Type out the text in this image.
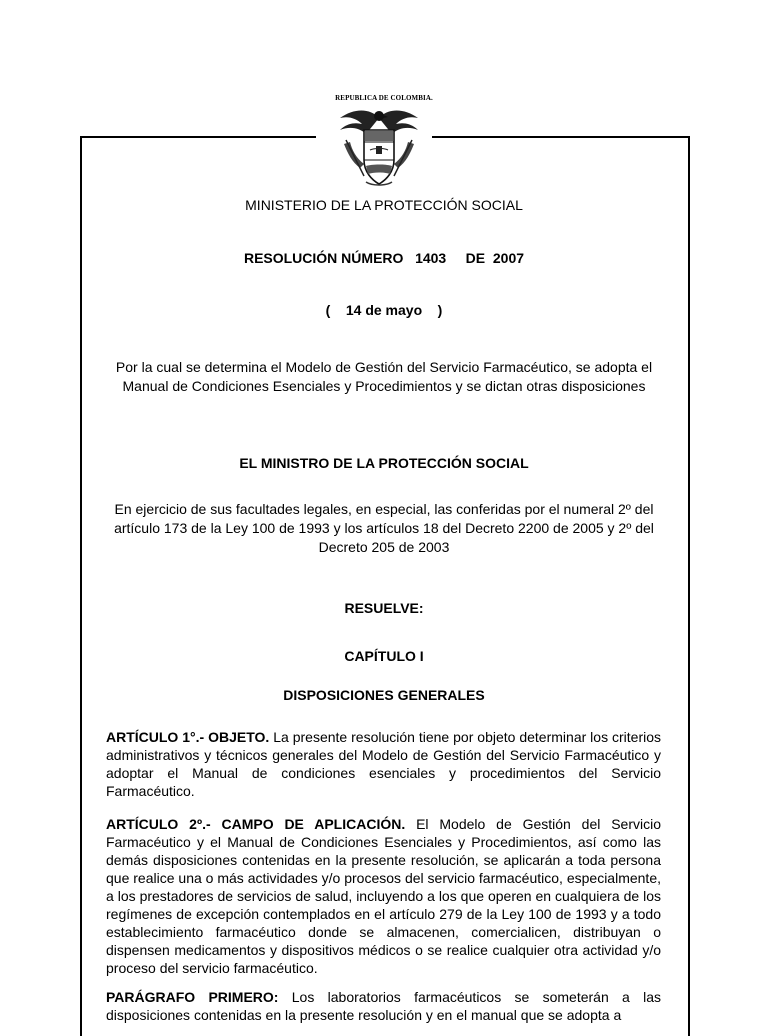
REPUBLICA DE COLOMBIA.
MINISTERIO DE LA PROTECCIÓN SOCIAL
RESOLUCIÓN NÚMERO   1403     DE  2007
(    14 de mayo    )
Por la cual se determina el Modelo de Gestión del Servicio Farmacéutico, se adopta el Manual de Condiciones Esenciales y Procedimientos y se dictan otras disposiciones
EL MINISTRO DE LA PROTECCIÓN SOCIAL
En ejercicio de sus facultades legales, en especial, las conferidas por el numeral 2º del artículo 173 de la Ley 100 de 1993 y los artículos 18 del Decreto 2200 de 2005 y 2º del Decreto 205 de 2003
RESUELVE:
CAPÍTULO I
DISPOSICIONES GENERALES
ARTÍCULO 1°.- OBJETO. La presente resolución tiene por objeto determinar los criterios administrativos y técnicos generales del Modelo de Gestión del Servicio Farmacéutico y adoptar el Manual de condiciones esenciales y procedimientos del Servicio Farmacéutico.
ARTÍCULO 2º.- CAMPO DE APLICACIÓN. El Modelo de Gestión del Servicio Farmacéutico y el Manual de Condiciones Esenciales y Procedimientos, así como las demás disposiciones contenidas en la presente resolución, se aplicarán a toda persona que realice una o más actividades y/o procesos del servicio farmacéutico, especialmente, a los prestadores de servicios de salud, incluyendo a los que operen en cualquiera de los regímenes de excepción contemplados en el artículo 279 de la Ley 100 de 1993 y a todo establecimiento farmacéutico donde se almacenen, comercialicen, distribuyan o dispensen medicamentos y dispositivos médicos o se realice cualquier otra actividad y/o proceso del servicio farmacéutico.
PARÁGRAFO PRIMERO: Los laboratorios farmacéuticos se someterán a las disposiciones contenidas en la presente resolución y en el manual que se adopta a
